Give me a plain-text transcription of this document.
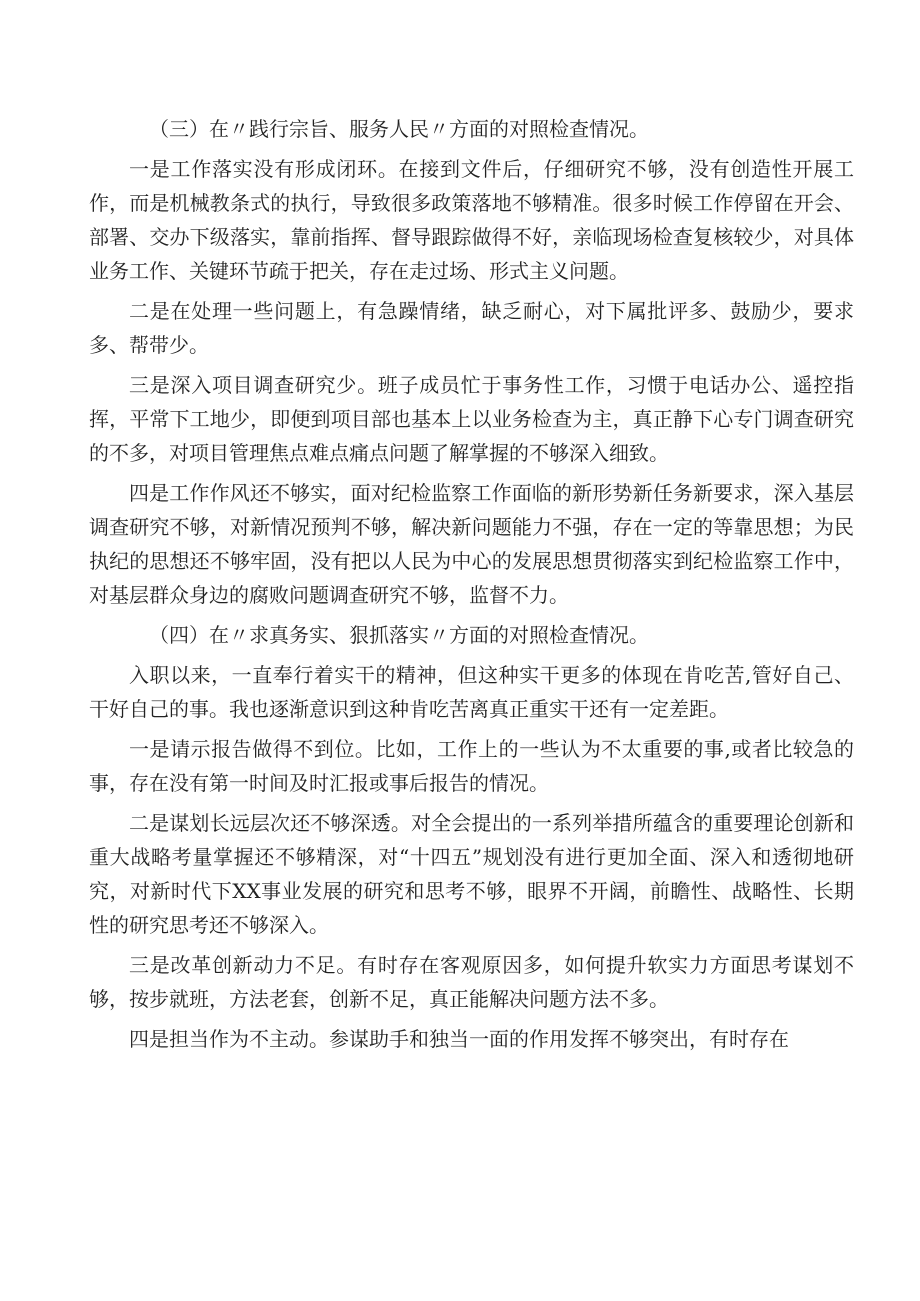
（三）在〃践行宗旨、服务人民〃方面的对照检查情况。

一是工作落实没有形成闭环。在接到文件后，仔细研究不够，没有创造性开展工作，而是机械教条式的执行，导致很多政策落地不够精准。很多时候工作停留在开会、部署、交办下级落实，靠前指挥、督导跟踪做得不好，亲临现场检查复核较少，对具体业务工作、关键环节疏于把关，存在走过场、形式主义问题。

二是在处理一些问题上，有急躁情绪，缺乏耐心，对下属批评多、鼓励少，要求多、帮带少。

三是深入项目调查研究少。班子成员忙于事务性工作，习惯于电话办公、遥控指挥，平常下工地少，即便到项目部也基本上以业务检查为主，真正静下心专门调查研究的不多，对项目管理焦点难点痛点问题了解掌握的不够深入细致。

四是工作作风还不够实，面对纪检监察工作面临的新形势新任务新要求，深入基层调查研究不够，对新情况预判不够，解决新问题能力不强，存在一定的等靠思想；为民执纪的思想还不够牢固，没有把以人民为中心的发展思想贯彻落实到纪检监察工作中，对基层群众身边的腐败问题调查研究不够，监督不力。

（四）在〃求真务实、狠抓落实〃方面的对照检查情况。

入职以来，一直奉行着实干的精神，但这种实干更多的体现在肯吃苦,管好自己、干好自己的事。我也逐渐意识到这种肯吃苦离真正重实干还有一定差距。

一是请示报告做得不到位。比如，工作上的一些认为不太重要的事,或者比较急的事，存在没有第一时间及时汇报或事后报告的情况。

二是谋划长远层次还不够深透。对全会提出的一系列举措所蕴含的重要理论创新和重大战略考量掌握还不够精深，对“十四五”规划没有进行更加全面、深入和透彻地研究，对新时代下XX事业发展的研究和思考不够，眼界不开阔，前瞻性、战略性、长期性的研究思考还不够深入。

三是改革创新动力不足。有时存在客观原因多，如何提升软实力方面思考谋划不够，按步就班，方法老套，创新不足，真正能解决问题方法不多。

四是担当作为不主动。参谋助手和独当一面的作用发挥不够突出，有时存在
